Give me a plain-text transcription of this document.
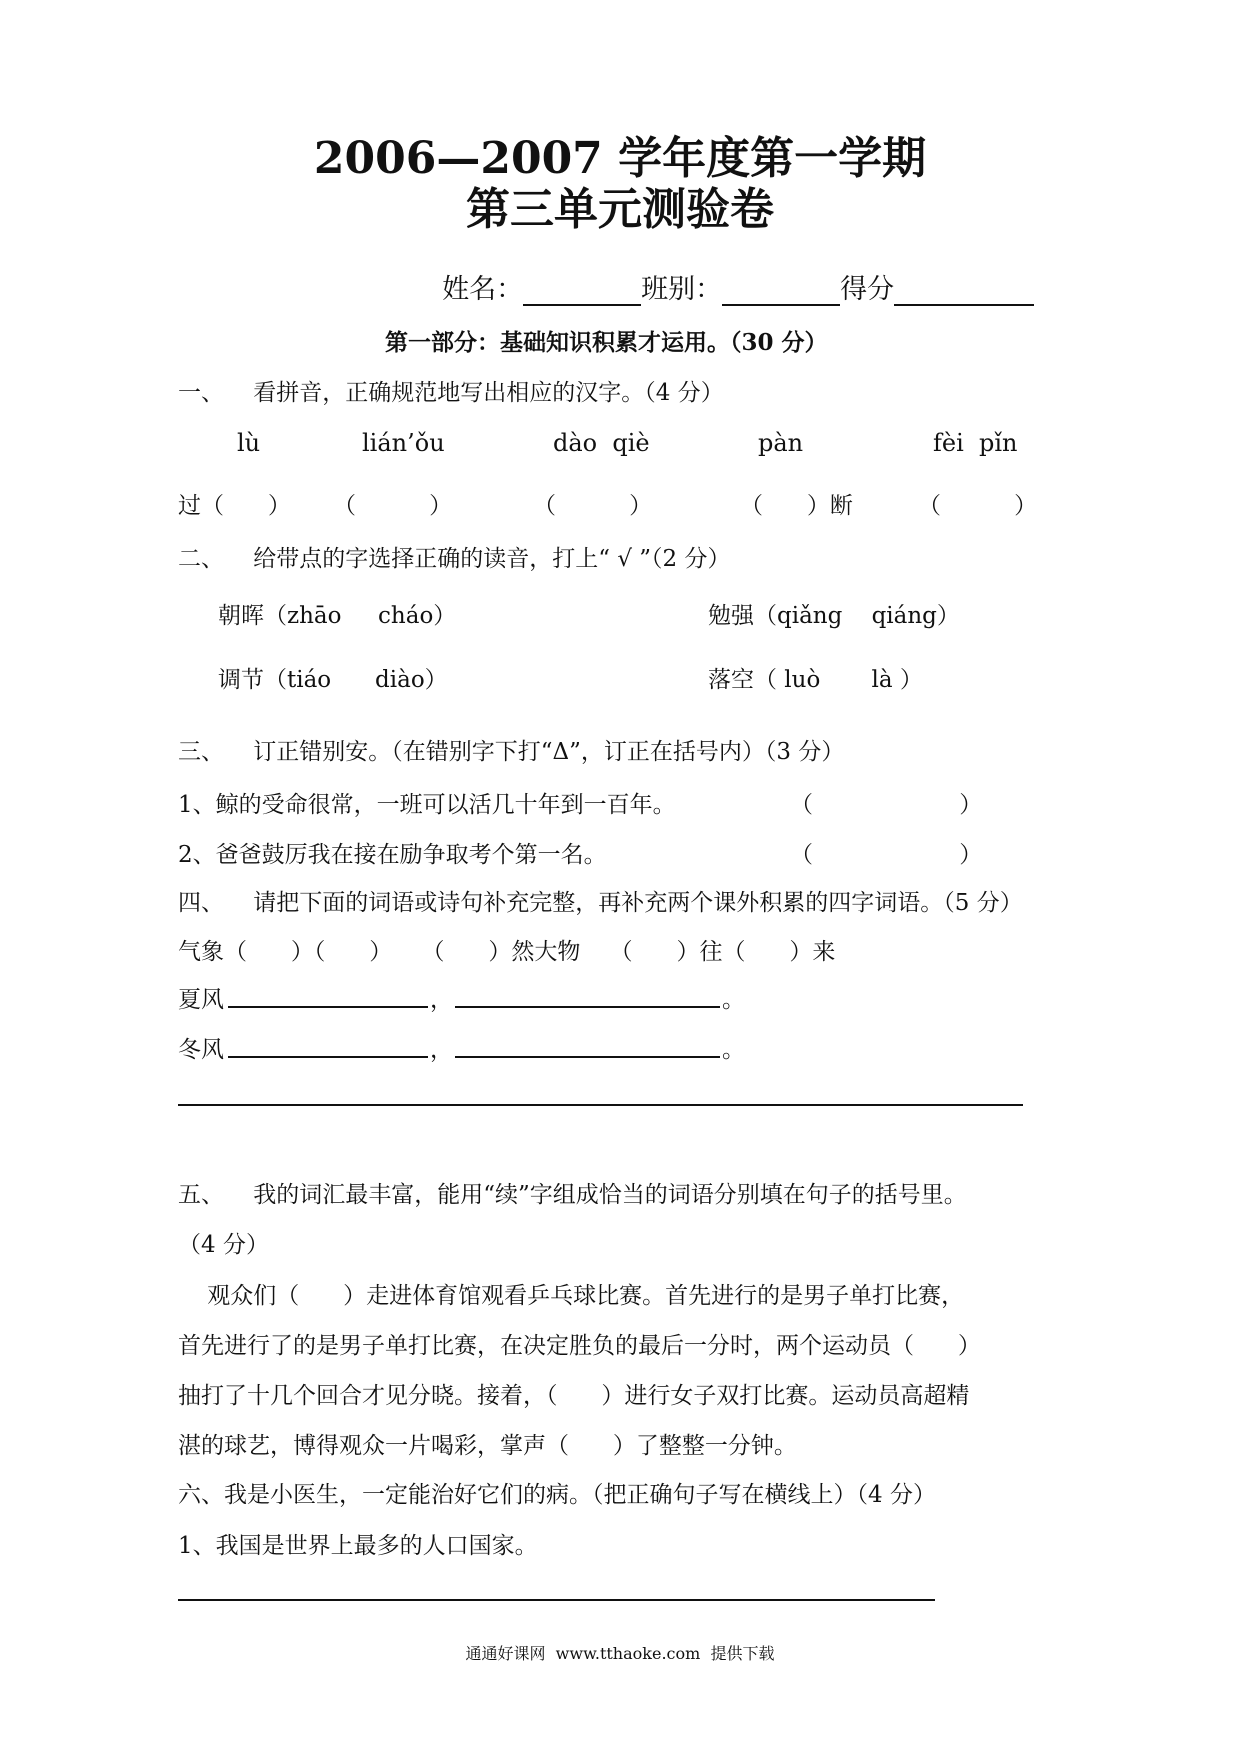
2006—2007 学年度第一学期
第三单元测验卷

姓名：	班别：	得分

第一部分：基础知识积累才运用。（30 分）
一、    看拼音，正确规范地写出相应的汉字。（4 分）
lù	lián’ǒu	dào  qiè	pàn	fèi  pǐn
过（      ） （          ）	（          ）	（      ）断	（          ）
二、    给带点的字选择正确的读音，打上“ √ ”（2 分）
朝晖（zhāo     cháo）	勉强（qiǎng    qiáng）
调节（tiáo      diào）	落空（ luò       là ）
三、    订正错别安。（在错别字下打“Δ”，订正在括号内）（3 分）
1、鲸的受命很常，一班可以活几十年到一百年。	（                    ）
2、爸爸鼓厉我在接在励争取考个第一名。	（                    ）
四、    请把下面的词语或诗句补充完整，再补充两个课外积累的四字词语。（5 分）
气象（      ）（      ）    （      ）然大物    （      ）往（      ）来
夏风	，	。
冬风	，	。
五、    我的词汇最丰富，能用“续”字组成恰当的词语分别填在句子的括号里。
（4 分）
观众们（      ）走进体育馆观看乒乓球比赛。首先进行的是男子单打比赛，
首先进行了的是男子单打比赛，在决定胜负的最后一分时，两个运动员（      ）
抽打了十几个回合才见分晓。接着，（      ）进行女子双打比赛。运动员高超精
湛的球艺，博得观众一片喝彩，掌声（      ）了整整一分钟。
六、我是小医生，一定能治好它们的病。（把正确句子写在横线上）（4 分）
1、我国是世界上最多的人口国家。
通通好课网  www.tthaoke.com  提供下载
